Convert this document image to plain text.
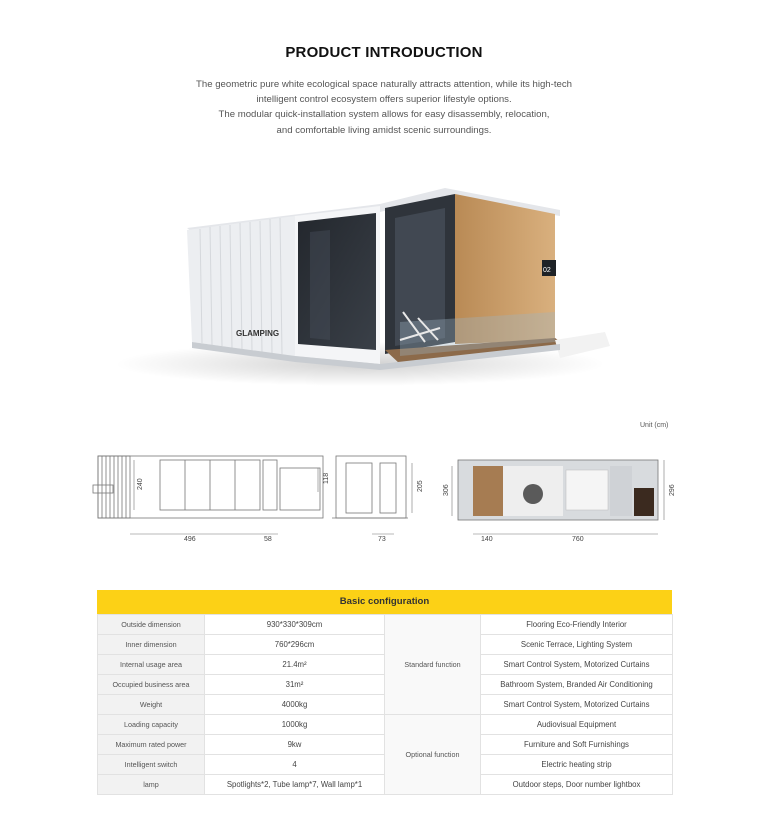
PRODUCT INTRODUCTION

The geometric pure white ecological space naturally attracts attention, while its high-tech

intelligent control ecosystem offers superior lifestyle options.

The modular quick-installation system allows for easy disassembly, relocation,

and comfortable living amidst scenic surroundings.

GLAMPING
02
Unit (cm)
240	118
496	58
205
73
306	296
140	760
Basic configuration
Outside dimension	930*330*309cm	Standard function	Flooring Eco-Friendly Interior
Inner dimension	760*296cm		Scenic Terrace, Lighting System
Internal usage area	21.4m²		Smart Control System, Motorized Curtains
Occupied business area	31m²		Bathroom System, Branded Air Conditioning
Weight	4000kg		Smart Control System, Motorized Curtains
Loading capacity	1000kg	Optional function	Audiovisual Equipment
Maximum rated power	9kw		Furniture and Soft Furnishings
Intelligent switch	4		Electric heating strip
lamp	Spotlights*2, Tube lamp*7, Wall lamp*1		Outdoor steps, Door number lightbox
